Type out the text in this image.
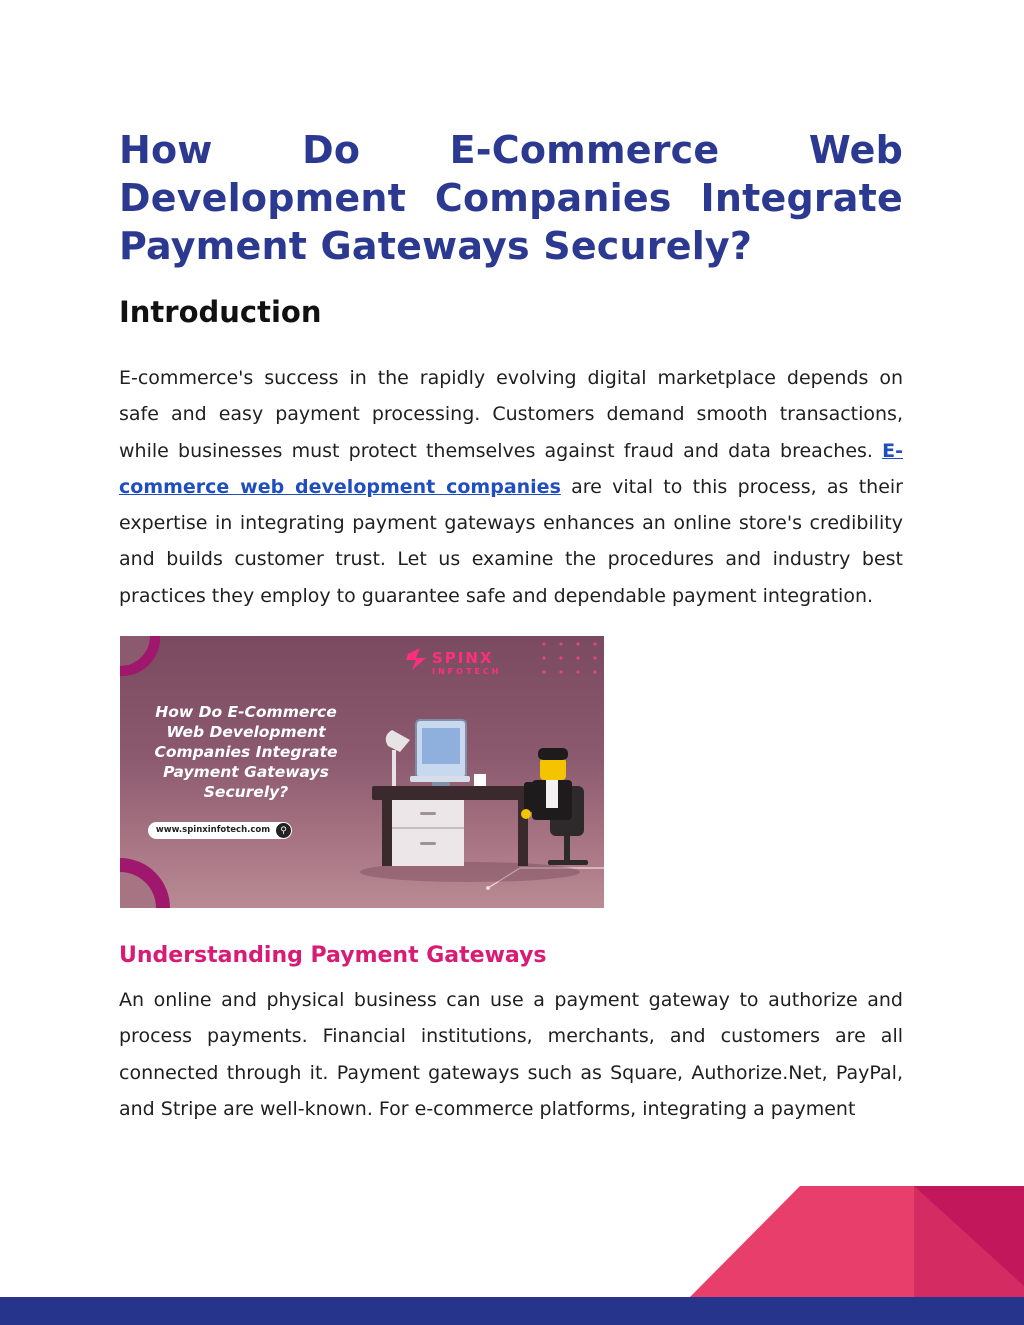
How Do E-Commerce Web Development Companies Integrate Payment Gateways Securely?
Introduction

E-commerce's success in the rapidly evolving digital marketplace depends on safe and easy payment processing. Customers demand smooth transactions, while businesses must protect themselves against fraud and data breaches. E-commerce web development companies are vital to this process, as their expertise in integrating payment gateways enhances an online store's credibility and builds customer trust. Let us examine the procedures and industry best practices they employ to guarantee safe and dependable payment integration.

SPINX
INFOTECH
How Do E-Commerce Web Development Companies Integrate Payment Gateways Securely?
www.spinxinfotech.com	⚲
Understanding Payment Gateways

An online and physical business can use a payment gateway to authorize and process payments. Financial institutions, merchants, and customers are all connected through it. Payment gateways such as Square, Authorize.Net, PayPal, and Stripe are well-known. For e-commerce platforms, integrating a payment
